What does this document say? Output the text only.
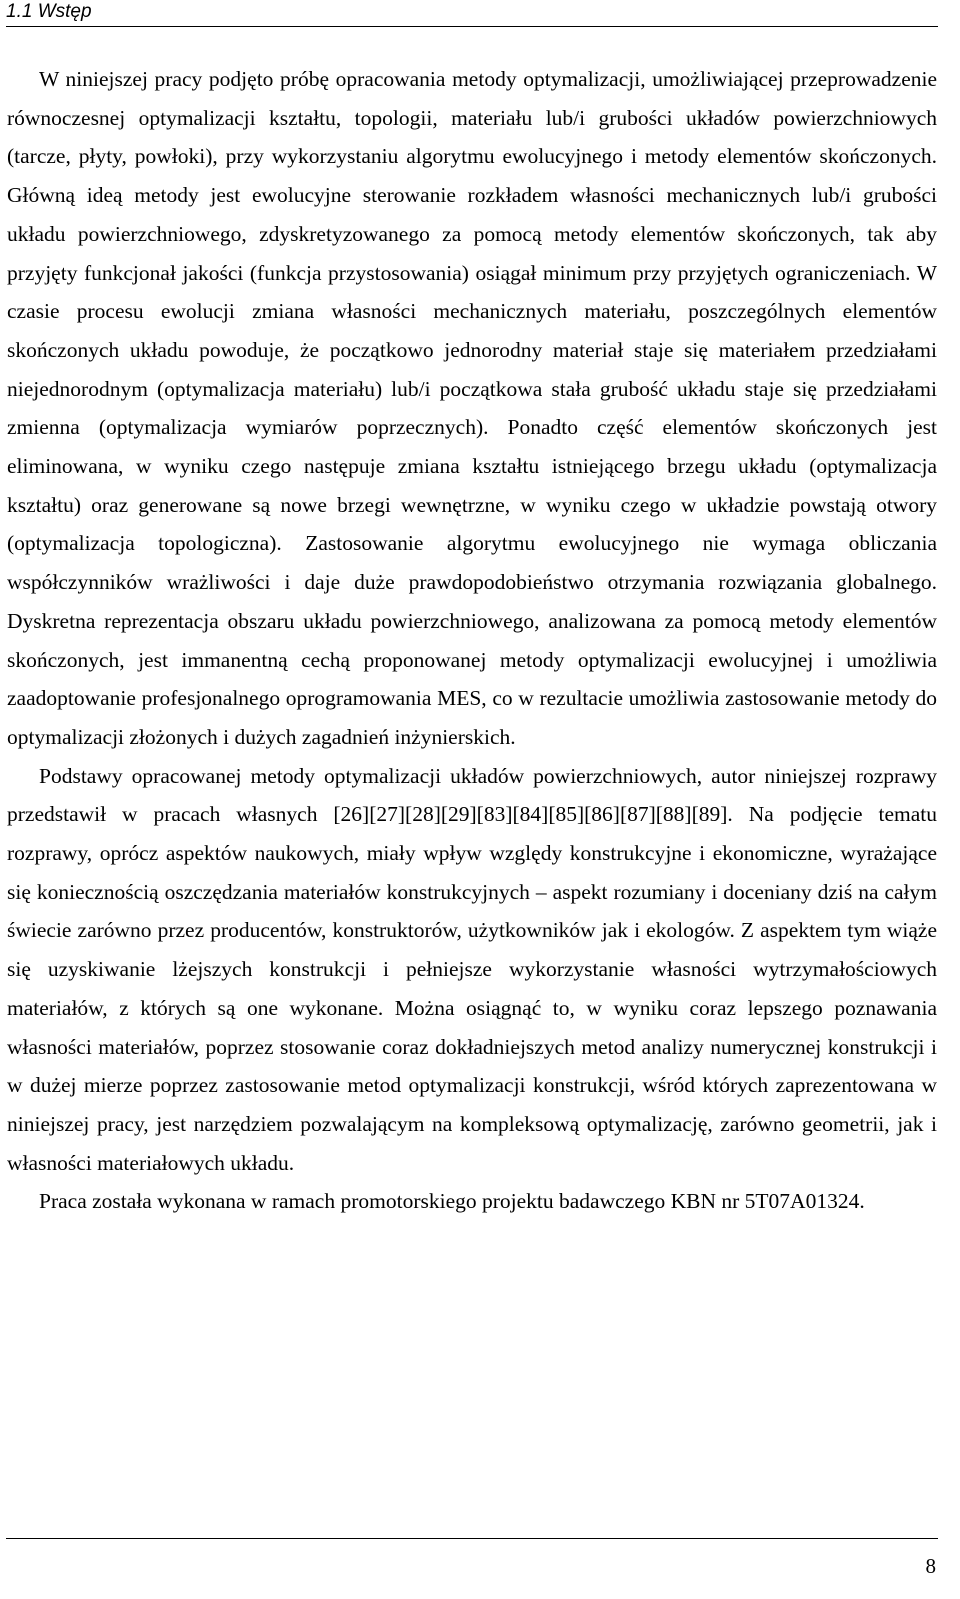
1.1 Wstęp

W niniejszej pracy podjęto próbę opracowania metody optymalizacji, umożliwiającej przeprowadzenie równoczesnej optymalizacji kształtu, topologii, materiału lub/i grubości układów powierzchniowych (tarcze, płyty, powłoki), przy wykorzystaniu algorytmu ewolucyjnego i metody elementów skończonych. Główną ideą metody jest ewolucyjne sterowanie rozkładem własności mechanicznych lub/i grubości układu powierzchniowego, zdyskretyzowanego za pomocą metody elementów skończonych, tak aby przyjęty funkcjonał jakości (funkcja przystosowania) osiągał minimum przy przyjętych ograniczeniach. W czasie procesu ewolucji zmiana własności mechanicznych materiału, poszczególnych elementów skończonych układu powoduje, że początkowo jednorodny materiał staje się materiałem przedziałami niejednorodnym (optymalizacja materiału) lub/i początkowa stała grubość układu staje się przedziałami zmienna (optymalizacja wymiarów poprzecznych). Ponadto część elementów skończonych jest eliminowana, w wyniku czego następuje zmiana kształtu istniejącego brzegu układu (optymalizacja kształtu) oraz generowane są nowe brzegi wewnętrzne, w wyniku czego w układzie powstają otwory (optymalizacja topologiczna). Zastosowanie algorytmu ewolucyjnego nie wymaga obliczania współczynników wrażliwości i daje duże prawdopodobieństwo otrzymania rozwiązania globalnego. Dyskretna reprezentacja obszaru układu powierzchniowego, analizowana za pomocą metody elementów skończonych, jest immanentną cechą proponowanej metody optymalizacji ewolucyjnej i umożliwia zaadoptowanie profesjonalnego oprogramowania MES, co w rezultacie umożliwia zastosowanie metody do optymalizacji złożonych i dużych zagadnień inżynierskich.

Podstawy opracowanej metody optymalizacji układów powierzchniowych, autor niniejszej rozprawy przedstawił w pracach własnych [26][27][28][29][83][84][85][86][87][88][89]. Na podjęcie tematu rozprawy, oprócz aspektów naukowych, miały wpływ względy konstrukcyjne i ekonomiczne, wyrażające się koniecznością oszczędzania materiałów konstrukcyjnych – aspekt rozumiany i doceniany dziś na całym świecie zarówno przez producentów, konstruktorów, użytkowników jak i ekologów. Z aspektem tym wiąże się uzyskiwanie lżejszych konstrukcji i pełniejsze wykorzystanie własności wytrzymałościowych materiałów, z których są one wykonane. Można osiągnąć to, w wyniku coraz lepszego poznawania własności materiałów, poprzez stosowanie coraz dokładniejszych metod analizy numerycznej konstrukcji i w dużej mierze poprzez zastosowanie metod optymalizacji konstrukcji, wśród których zaprezentowana w niniejszej pracy, jest narzędziem pozwalającym na kompleksową optymalizację, zarówno geometrii, jak i własności materiałowych układu.

Praca została wykonana w ramach promotorskiego projektu badawczego KBN nr 5T07A01324.

8
